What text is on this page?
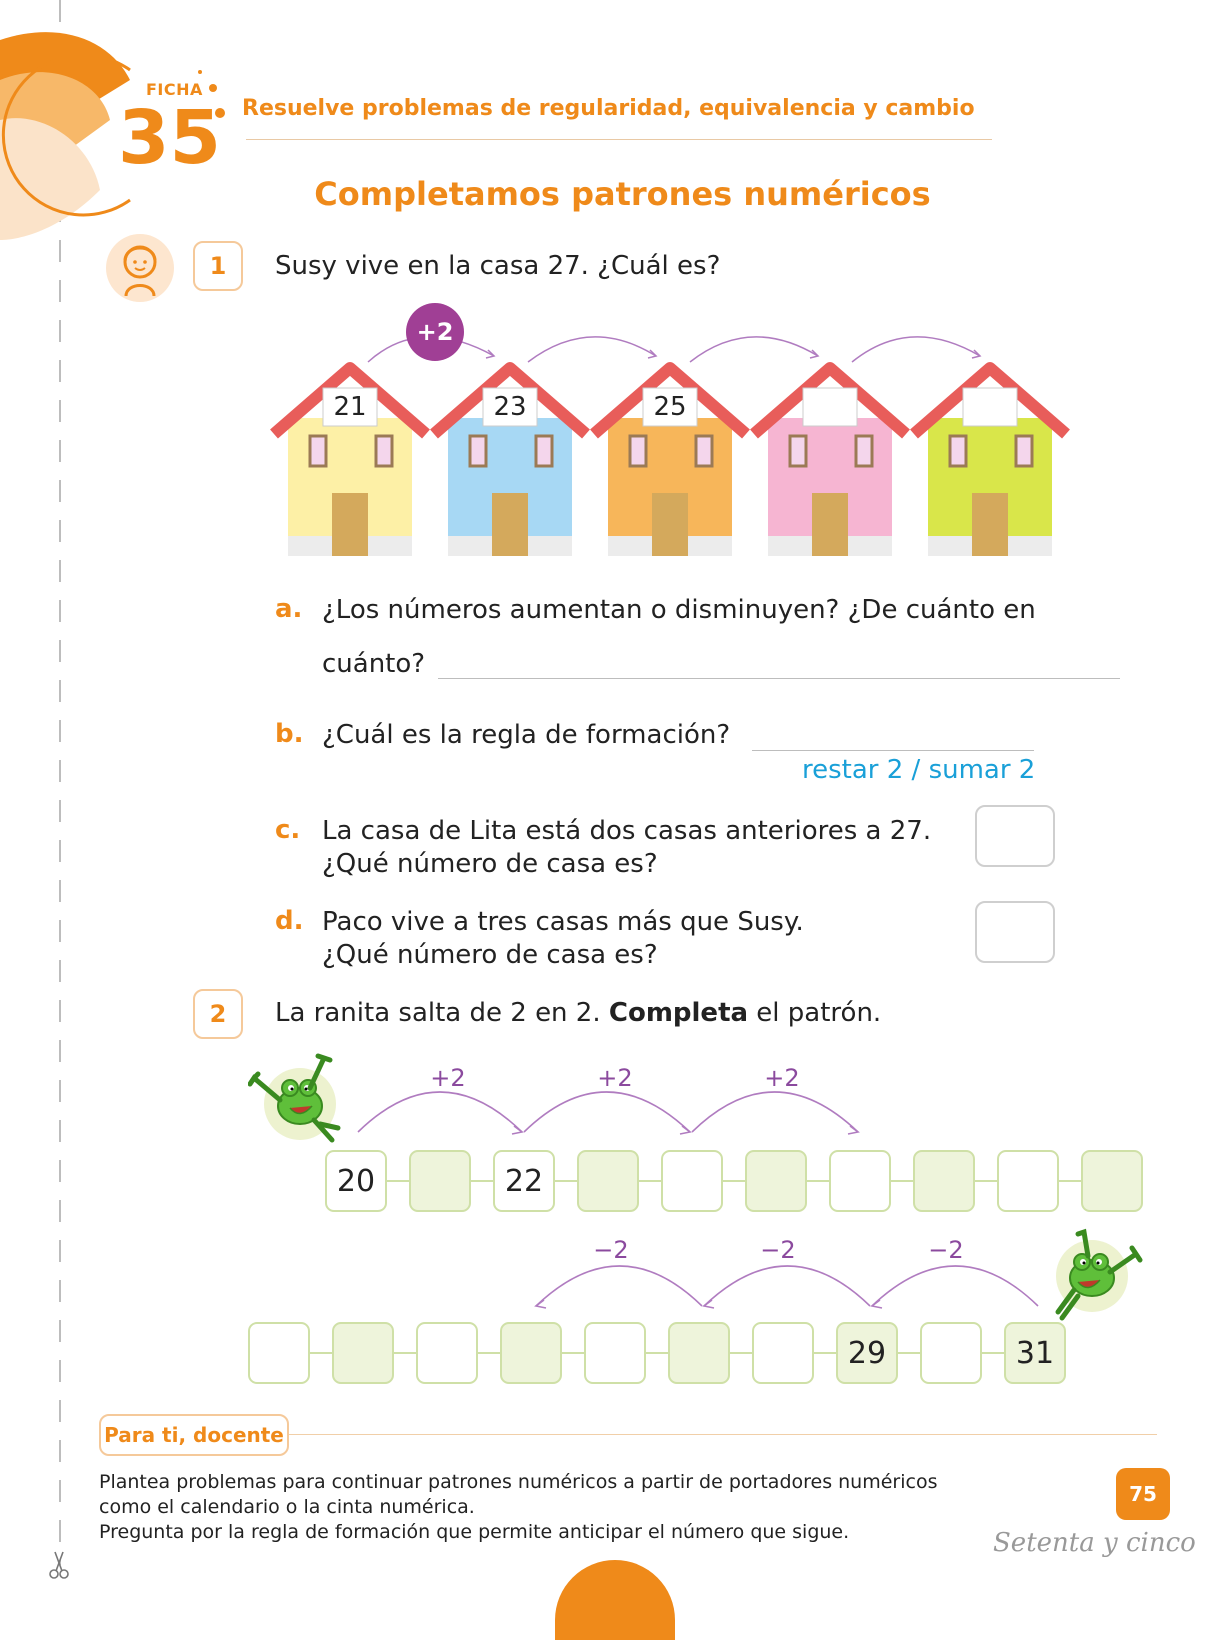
FICHA
35 Resuelve problemas de regularidad, equivalencia y cambio
Completamos patrones numéricos
1	Susy vive en la casa 27. ¿Cuál es?
+2
21	23	25
a. ¿Los números aumentan o disminuyen? ¿De cuánto en
cuánto?
b. ¿Cuál es la regla de formación?
restar 2 / sumar 2
c. La casa de Lita está dos casas anteriores a 27.
¿Qué número de casa es?
d. Paco vive a tres casas más que Susy.
¿Qué número de casa es?
2	La ranita salta de 2 en 2. Completa el patrón.
+2	+2	+2
−2	−2	−2
20	22
29	31
Para ti, docente
Plantea problemas para continuar patrones numéricos a partir de portadores numéricos
como el calendario o la cinta numérica.
Pregunta por la regla de formación que permite anticipar el número que sigue.
75
Setenta y cinco
